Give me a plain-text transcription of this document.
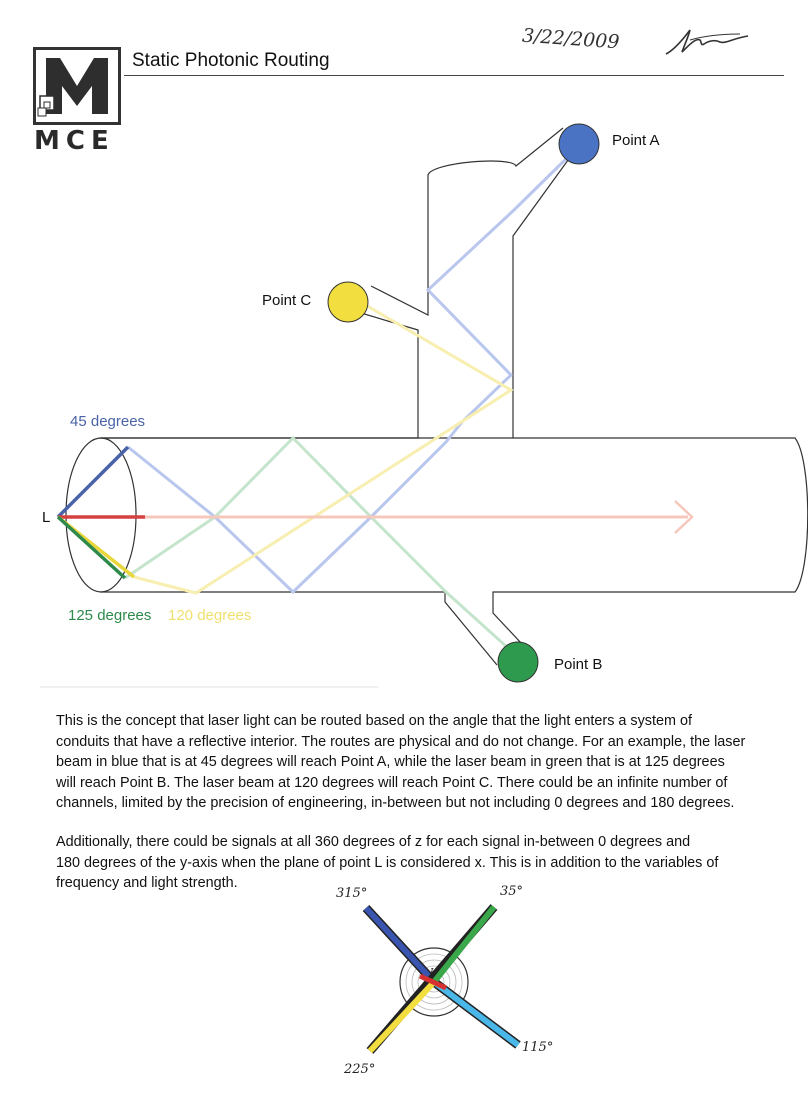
MCE
Static Photonic Routing
3/22/2009
Point A
Point C
Point B
L
45 degrees
125 degrees 120 degrees
This is the concept that laser light can be routed based on the angle that the light enters a system of
conduits that have a reflective interior. The routes are physical and do not change. For an example, the laser
beam in blue that is at 45 degrees will reach Point A, while the laser beam in green that is at 125 degrees
will reach Point B. The laser beam at 120 degrees will reach Point C. There could be an infinite number of
channels, limited by the precision of engineering, in-between but not including 0 degrees and 180 degrees.
Additionally, there could be signals at all 360 degrees of z for each signal in-between 0 degrees and
180 degrees of the y-axis when the plane of point L is considered x. This is in addition to the variables of
frequency and light strength.
L
315°	35°
115°
225°
